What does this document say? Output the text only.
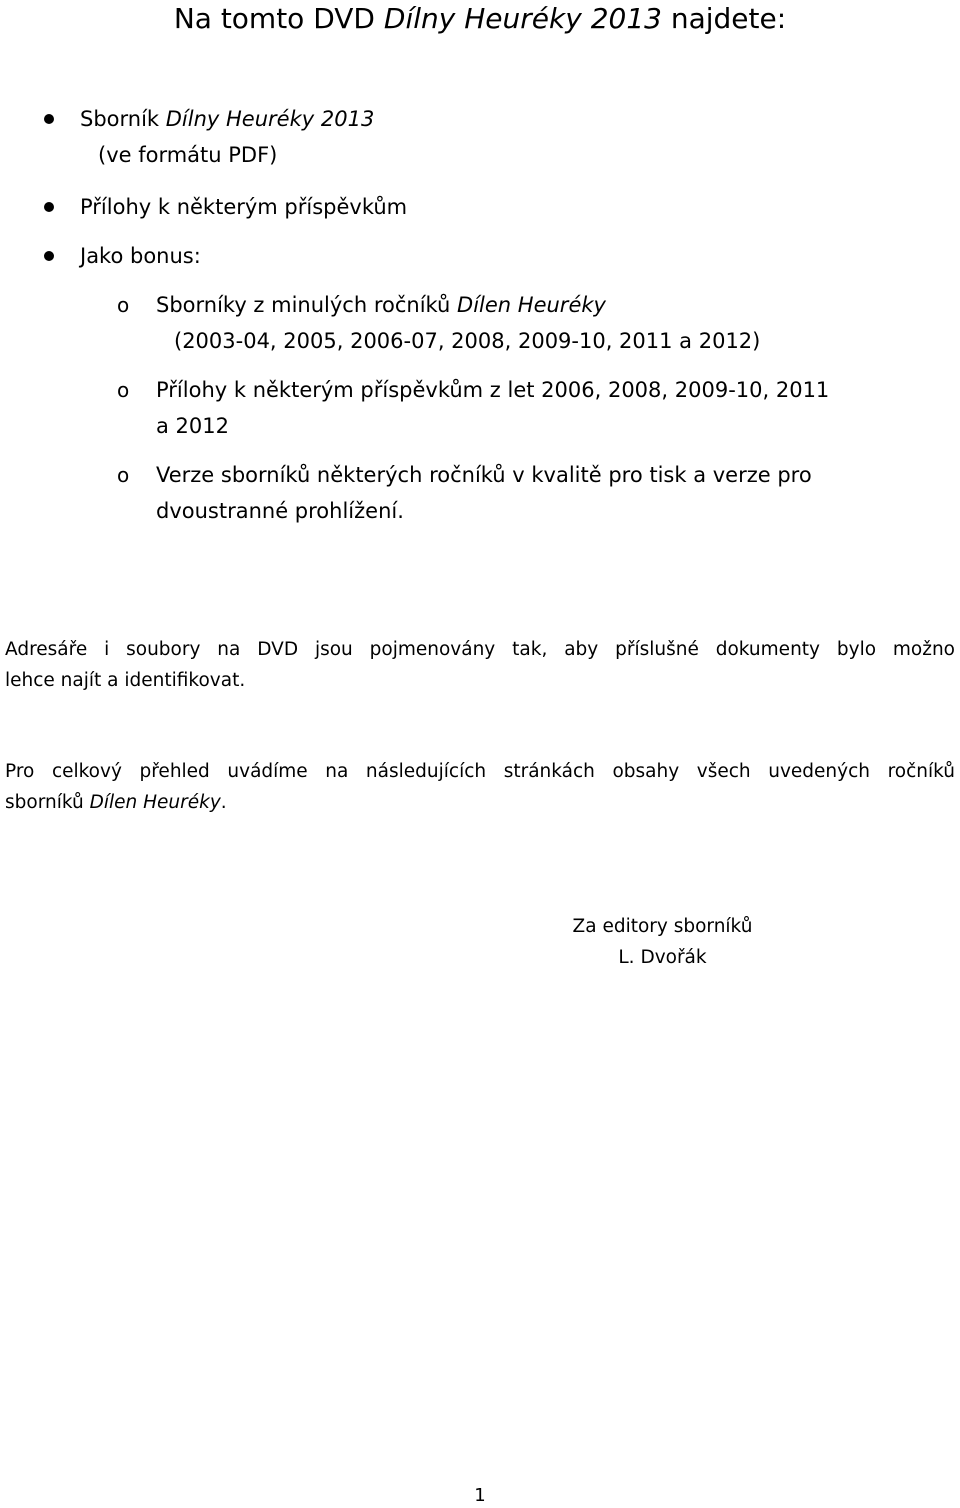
Na tomto DVD Dílny Heuréky 2013 najdete:
Sborník Dílny Heuréky 2013
(ve formátu PDF)
Přílohy k některým příspěvkům
Jako bonus:
o Sborníky z minulých ročníků Dílen Heuréky
(2003-04, 2005, 2006-07, 2008, 2009-10, 2011 a 2012)
o Přílohy k některým příspěvkům z let 2006, 2008, 2009-10, 2011
a 2012
o Verze sborníků některých ročníků v kvalitě pro tisk a verze pro
dvoustranné prohlížení.
Adresáře i soubory na DVD jsou pojmenovány tak, aby příslušné dokumenty bylo možno
lehce najít a identifikovat.
Pro celkový přehled uvádíme na následujících stránkách obsahy všech uvedených ročníků
sborníků Dílen Heuréky.
Za editory sborníků
L. Dvořák
1
